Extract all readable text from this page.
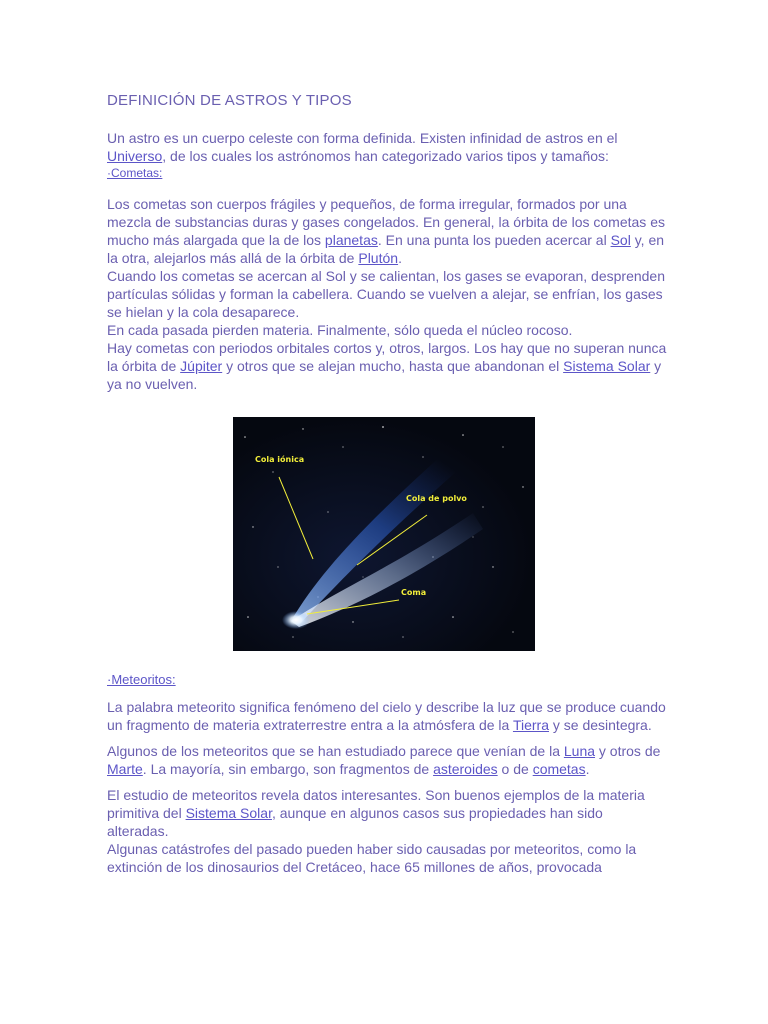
DEFINICIÓN DE ASTROS Y TIPOS

Un astro es un cuerpo celeste con forma definida. Existen infinidad de astros en el Universo, de los cuales los astrónomos han categorizado varios tipos y tamaños:

·Cometas:

Los cometas son cuerpos frágiles y pequeños, de forma irregular, formados por una mezcla de substancias duras y gases congelados. En general, la órbita de los cometas es mucho más alargada que la de los planetas. En una punta los pueden acercar al Sol y, en la otra, alejarlos más allá de la órbita de Plutón.

Cuando los cometas se acercan al Sol y se calientan, los gases se evaporan, desprenden partículas sólidas y forman la cabellera. Cuando se vuelven a alejar, se enfrían, los gases se hielan y la cola desaparece.

En cada pasada pierden materia. Finalmente, sólo queda el núcleo rocoso.

Hay cometas con periodos orbitales cortos y, otros, largos. Los hay que no superan nunca la órbita de Júpiter y otros que se alejan mucho, hasta que abandonan el Sistema Solar y ya no vuelven.

Cola iónica
Cola de polvo
Coma

·Meteoritos:

La palabra meteorito significa fenómeno del cielo y describe la luz que se produce cuando un fragmento de materia extraterrestre entra a la atmósfera de la Tierra y se desintegra.

Algunos de los meteoritos que se han estudiado parece que venían de la Luna y otros de Marte. La mayoría, sin embargo, son fragmentos de asteroides o de cometas.

El estudio de meteoritos revela datos interesantes. Son buenos ejemplos de la materia primitiva del Sistema Solar, aunque en algunos casos sus propiedades han sido alteradas.

Algunas catástrofes del pasado pueden haber sido causadas por meteoritos, como la extinción de los dinosaurios del Cretáceo, hace 65 millones de años, provocada
